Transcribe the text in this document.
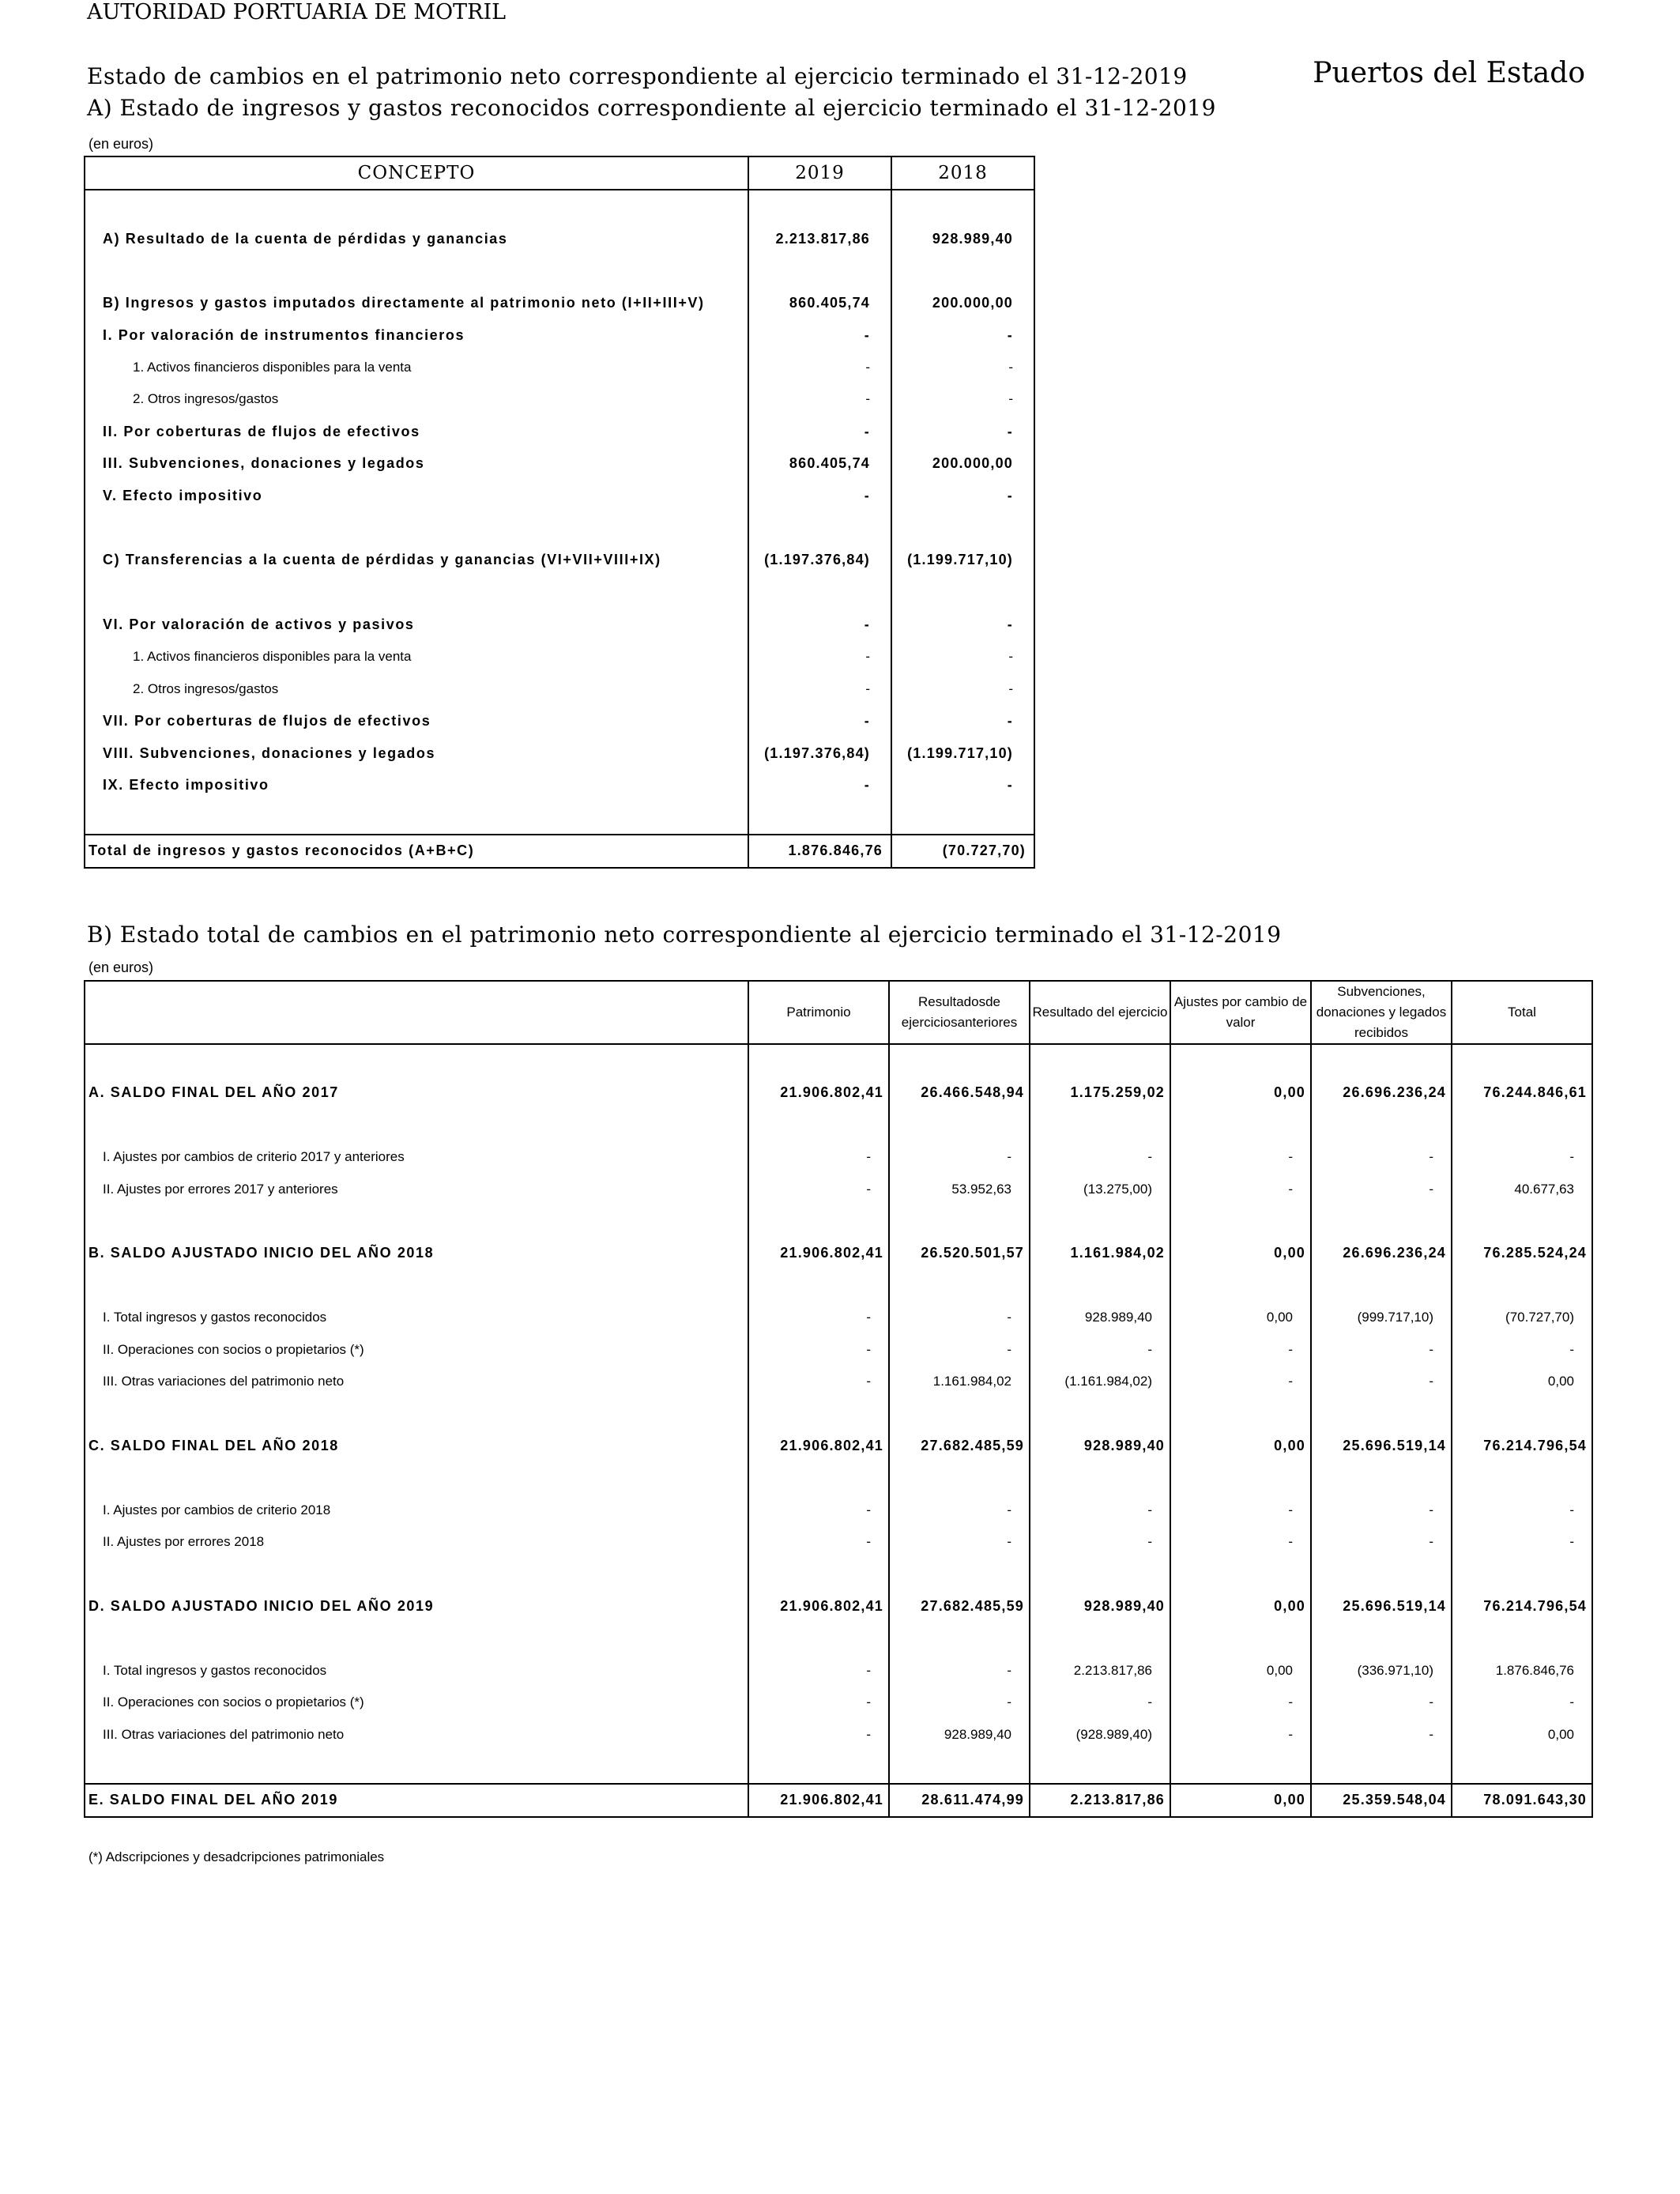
AUTORIDAD PORTUARIA DE MOTRIL
Puertos del Estado
Estado de cambios en el patrimonio neto correspondiente al ejercicio terminado el 31-12-2019
A) Estado de ingresos y gastos reconocidos correspondiente al ejercicio terminado el 31-12-2019
(en euros)
CONCEPTO	2019	2018

A) Resultado de la cuenta de pérdidas y ganancias	2.213.817,86	928.989,40

B) Ingresos y gastos imputados directamente al patrimonio neto (I+II+III+V)	860.405,74	200.000,00
I. Por valoración de instrumentos financieros	-	-
1. Activos financieros disponibles para la venta	-	-
2. Otros ingresos/gastos	-	-
II. Por coberturas de flujos de efectivos	-	-
III. Subvenciones, donaciones y legados	860.405,74	200.000,00
V. Efecto impositivo	-	-

C) Transferencias a la cuenta de pérdidas y ganancias (VI+VII+VIII+IX)	(1.197.376,84)	(1.199.717,10)

VI. Por valoración de activos y pasivos	-	-
1. Activos financieros disponibles para la venta	-	-
2. Otros ingresos/gastos	-	-
VII. Por coberturas de flujos de efectivos	-	-
VIII. Subvenciones, donaciones y legados	(1.197.376,84)	(1.199.717,10)
IX. Efecto impositivo	-	-

Total de ingresos y gastos reconocidos (A+B+C)	1.876.846,76	(70.727,70)
B) Estado total de cambios en el patrimonio neto correspondiente al ejercicio terminado el 31-12-2019
(en euros)
	Patrimonio	Resultadosde ejerciciosanteriores	Resultado del ejercicio	Ajustes por cambio de valor	Subvenciones, donaciones y legados recibidos	Total

A. SALDO FINAL DEL AÑO 2017	21.906.802,41	26.466.548,94	1.175.259,02	0,00	26.696.236,24	76.244.846,61

I. Ajustes por cambios de criterio 2017 y anteriores	-	-	-	-	-	-
II. Ajustes por errores 2017 y anteriores	-	53.952,63	(13.275,00)	-	-	40.677,63

B. SALDO AJUSTADO INICIO DEL AÑO 2018	21.906.802,41	26.520.501,57	1.161.984,02	0,00	26.696.236,24	76.285.524,24

I. Total ingresos y gastos reconocidos	-	-	928.989,40	0,00	(999.717,10)	(70.727,70)
II. Operaciones con socios o propietarios (*)	-	-	-	-	-	-
III. Otras variaciones del patrimonio neto	-	1.161.984,02	(1.161.984,02)	-	-	0,00

C. SALDO FINAL DEL AÑO 2018	21.906.802,41	27.682.485,59	928.989,40	0,00	25.696.519,14	76.214.796,54

I. Ajustes por cambios de criterio 2018	-	-	-	-	-	-
II. Ajustes por errores 2018	-	-	-	-	-	-

D. SALDO AJUSTADO INICIO DEL AÑO 2019	21.906.802,41	27.682.485,59	928.989,40	0,00	25.696.519,14	76.214.796,54

I. Total ingresos y gastos reconocidos	-	-	2.213.817,86	0,00	(336.971,10)	1.876.846,76
II. Operaciones con socios o propietarios (*)	-	-	-	-	-	-
III. Otras variaciones del patrimonio neto	-	928.989,40	(928.989,40)	-	-	0,00

E. SALDO FINAL DEL AÑO 2019	21.906.802,41	28.611.474,99	2.213.817,86	0,00	25.359.548,04	78.091.643,30
(*) Adscripciones y desadcripciones patrimoniales
